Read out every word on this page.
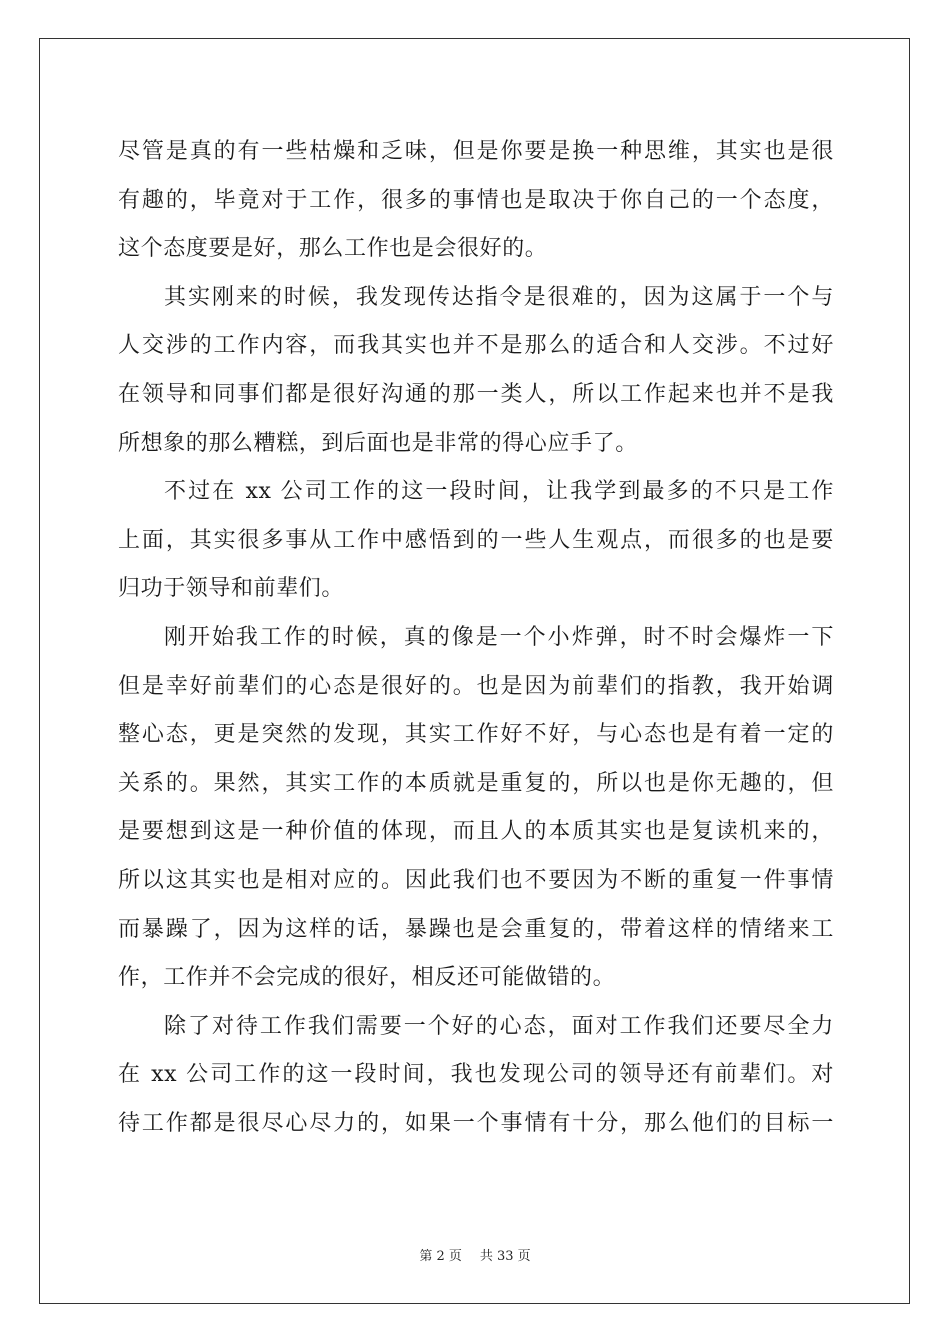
尽管是真的有一些枯燥和乏味，但是你要是换一种思维，其实也是很
有趣的，毕竟对于工作，很多的事情也是取决于你自己的一个态度，
这个态度要是好，那么工作也是会很好的。
其实刚来的时候，我发现传达指令是很难的，因为这属于一个与
人交涉的工作内容，而我其实也并不是那么的适合和人交涉。不过好
在领导和同事们都是很好沟通的那一类人，所以工作起来也并不是我
所想象的那么糟糕，到后面也是非常的得心应手了。
不过在 xx 公司工作的这一段时间，让我学到最多的不只是工作
上面，其实很多事从工作中感悟到的一些人生观点，而很多的也是要
归功于领导和前辈们。
刚开始我工作的时候，真的像是一个小炸弹，时不时会爆炸一下
但是幸好前辈们的心态是很好的。也是因为前辈们的指教，我开始调
整心态，更是突然的发现，其实工作好不好，与心态也是有着一定的
关系的。果然，其实工作的本质就是重复的，所以也是你无趣的，但
是要想到这是一种价值的体现，而且人的本质其实也是复读机来的，
所以这其实也是相对应的。因此我们也不要因为不断的重复一件事情
而暴躁了，因为这样的话，暴躁也是会重复的，带着这样的情绪来工
作，工作并不会完成的很好，相反还可能做错的。
除了对待工作我们需要一个好的心态，面对工作我们还要尽全力
在 xx 公司工作的这一段时间，我也发现公司的领导还有前辈们。对
待工作都是很尽心尽力的，如果一个事情有十分，那么他们的目标一
第 2 页 共 33 页
